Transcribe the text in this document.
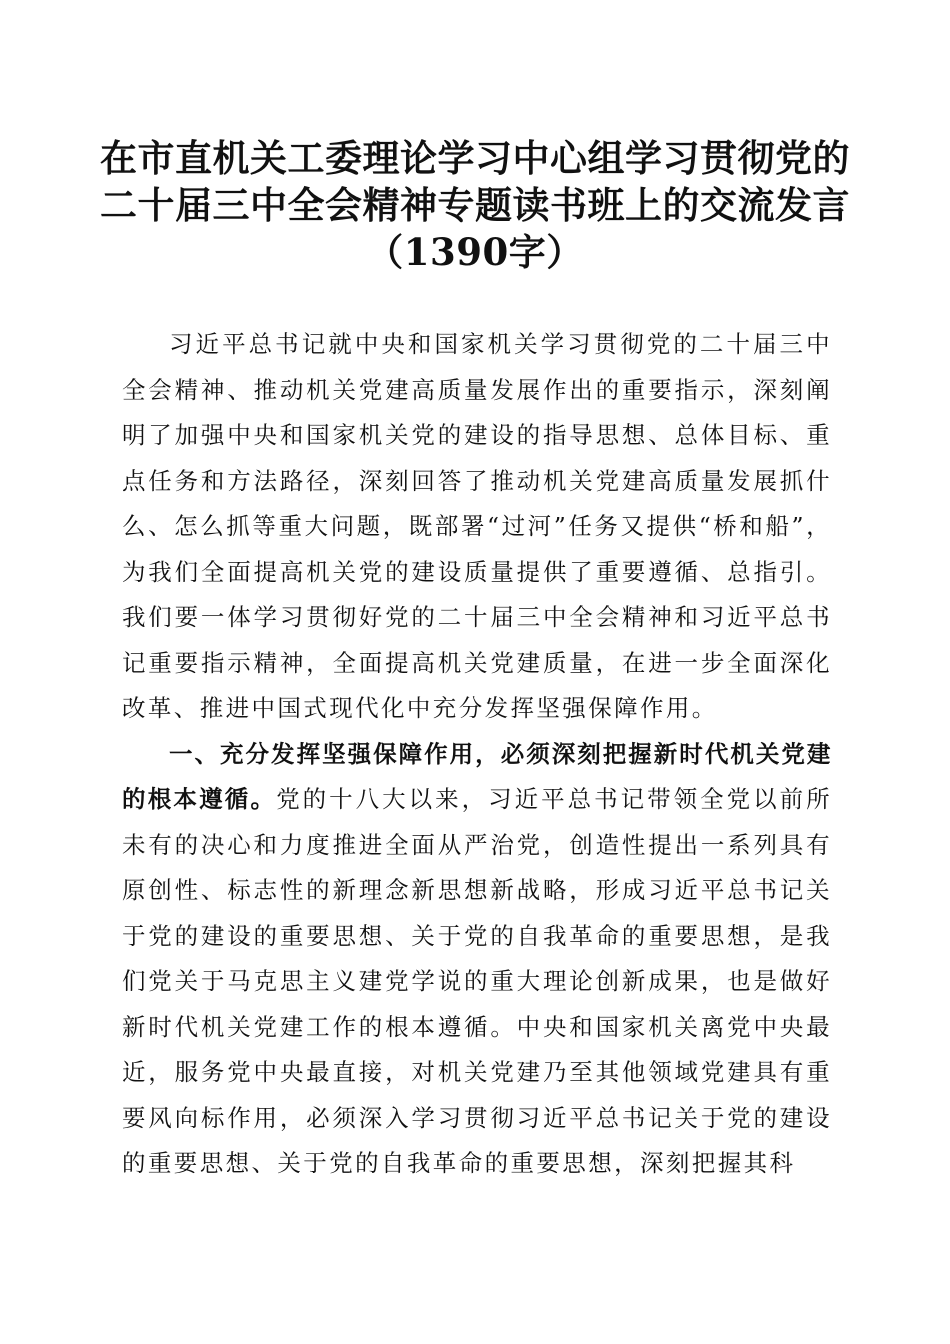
在市直机关工委理论学习中心组学习贯彻党的
二十届三中全会精神专题读书班上的交流发言
（1390字）

习近平总书记就中央和国家机关学习贯彻党的二十届三中全会精神、推动机关党建高质量发展作出的重要指示，深刻阐明了加强中央和国家机关党的建设的指导思想、总体目标、重点任务和方法路径，深刻回答了推动机关党建高质量发展抓什么、怎么抓等重大问题，既部署“过河”任务又提供“桥和船”，为我们全面提高机关党的建设质量提供了重要遵循、总指引。我们要一体学习贯彻好党的二十届三中全会精神和习近平总书记重要指示精神，全面提高机关党建质量，在进一步全面深化改革、推进中国式现代化中充分发挥坚强保障作用。

一、充分发挥坚强保障作用，必须深刻把握新时代机关党建的根本遵循。党的十八大以来，习近平总书记带领全党以前所未有的决心和力度推进全面从严治党，创造性提出一系列具有原创性、标志性的新理念新思想新战略，形成习近平总书记关于党的建设的重要思想、关于党的自我革命的重要思想，是我们党关于马克思主义建党学说的重大理论创新成果，也是做好新时代机关党建工作的根本遵循。中央和国家机关离党中央最近，服务党中央最直接，对机关党建乃至其他领域党建具有重要风向标作用，必须深入学习贯彻习近平总书记关于党的建设的重要思想、关于党的自我革命的重要思想，深刻把握其科
